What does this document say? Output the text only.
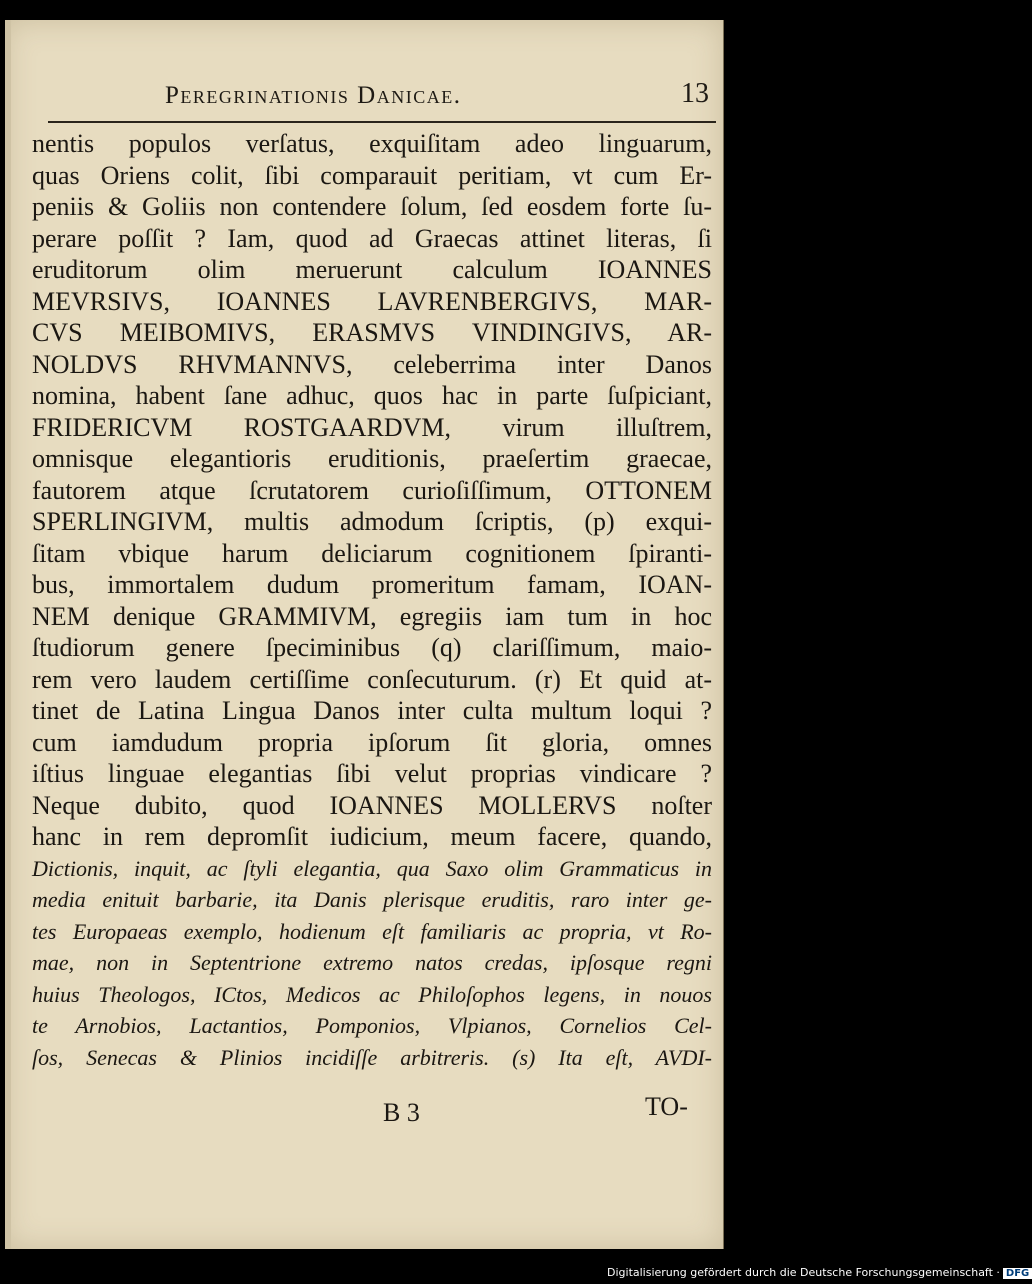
Peregrinationis Danicae.	13
nentis populos verſatus, exquiſitam adeo linguarum,
quas Oriens colit, ſibi comparauit peritiam, vt cum Er-
peniis & Goliis non contendere ſolum, ſed eosdem forte ſu-
perare poſſit ? Iam, quod ad Graecas attinet literas, ſi
eruditorum olim meruerunt calculum IOANNES
MEVRSIVS, IOANNES LAVRENBERGIVS, MAR-
CVS MEIBOMIVS, ERASMVS VINDINGIVS, AR-
NOLDVS RHVMANNVS, celeberrima inter Danos
nomina, habent ſane adhuc, quos hac in parte ſuſpiciant,
FRIDERICVM ROSTGAARDVM, virum illuſtrem,
omnisque elegantioris eruditionis, praeſertim graecae,
fautorem atque ſcrutatorem curioſiſſimum, OTTONEM
SPERLINGIVM, multis admodum ſcriptis, (p) exqui-
ſitam vbique harum deliciarum cognitionem ſpiranti-
bus, immortalem dudum promeritum famam, IOAN-
NEM denique GRAMMIVM, egregiis iam tum in hoc
ſtudiorum genere ſpeciminibus (q) clariſſimum, maio-
rem vero laudem certiſſime conſecuturum. (r) Et quid at-
tinet de Latina Lingua Danos inter culta multum loqui ?
cum iamdudum propria ipſorum ſit gloria, omnes
iſtius linguae elegantias ſibi velut proprias vindicare ?
Neque dubito, quod IOANNES MOLLERVS noſter
hanc in rem depromſit iudicium, meum facere, quando,
Dictionis, inquit, ac ſtyli elegantia, qua Saxo olim Grammaticus in
media enituit barbarie, ita Danis plerisque eruditis, raro inter ge-
tes Europaeas exemplo, hodienum eſt familiaris ac propria, vt Ro-
mae, non in Septentrione extremo natos credas, ipſosque regni
huius Theologos, ICtos, Medicos ac Philoſophos legens, in nouos
te Arnobios, Lactantios, Pomponios, Vlpianos, Cornelios Cel-
ſos, Senecas & Plinios incidiſſe arbitreris. (s) Ita eſt, AVDI-
B 3	TO-
Digitalisierung gefördert durch die Deutsche Forschungsgemeinschaft · DFG
